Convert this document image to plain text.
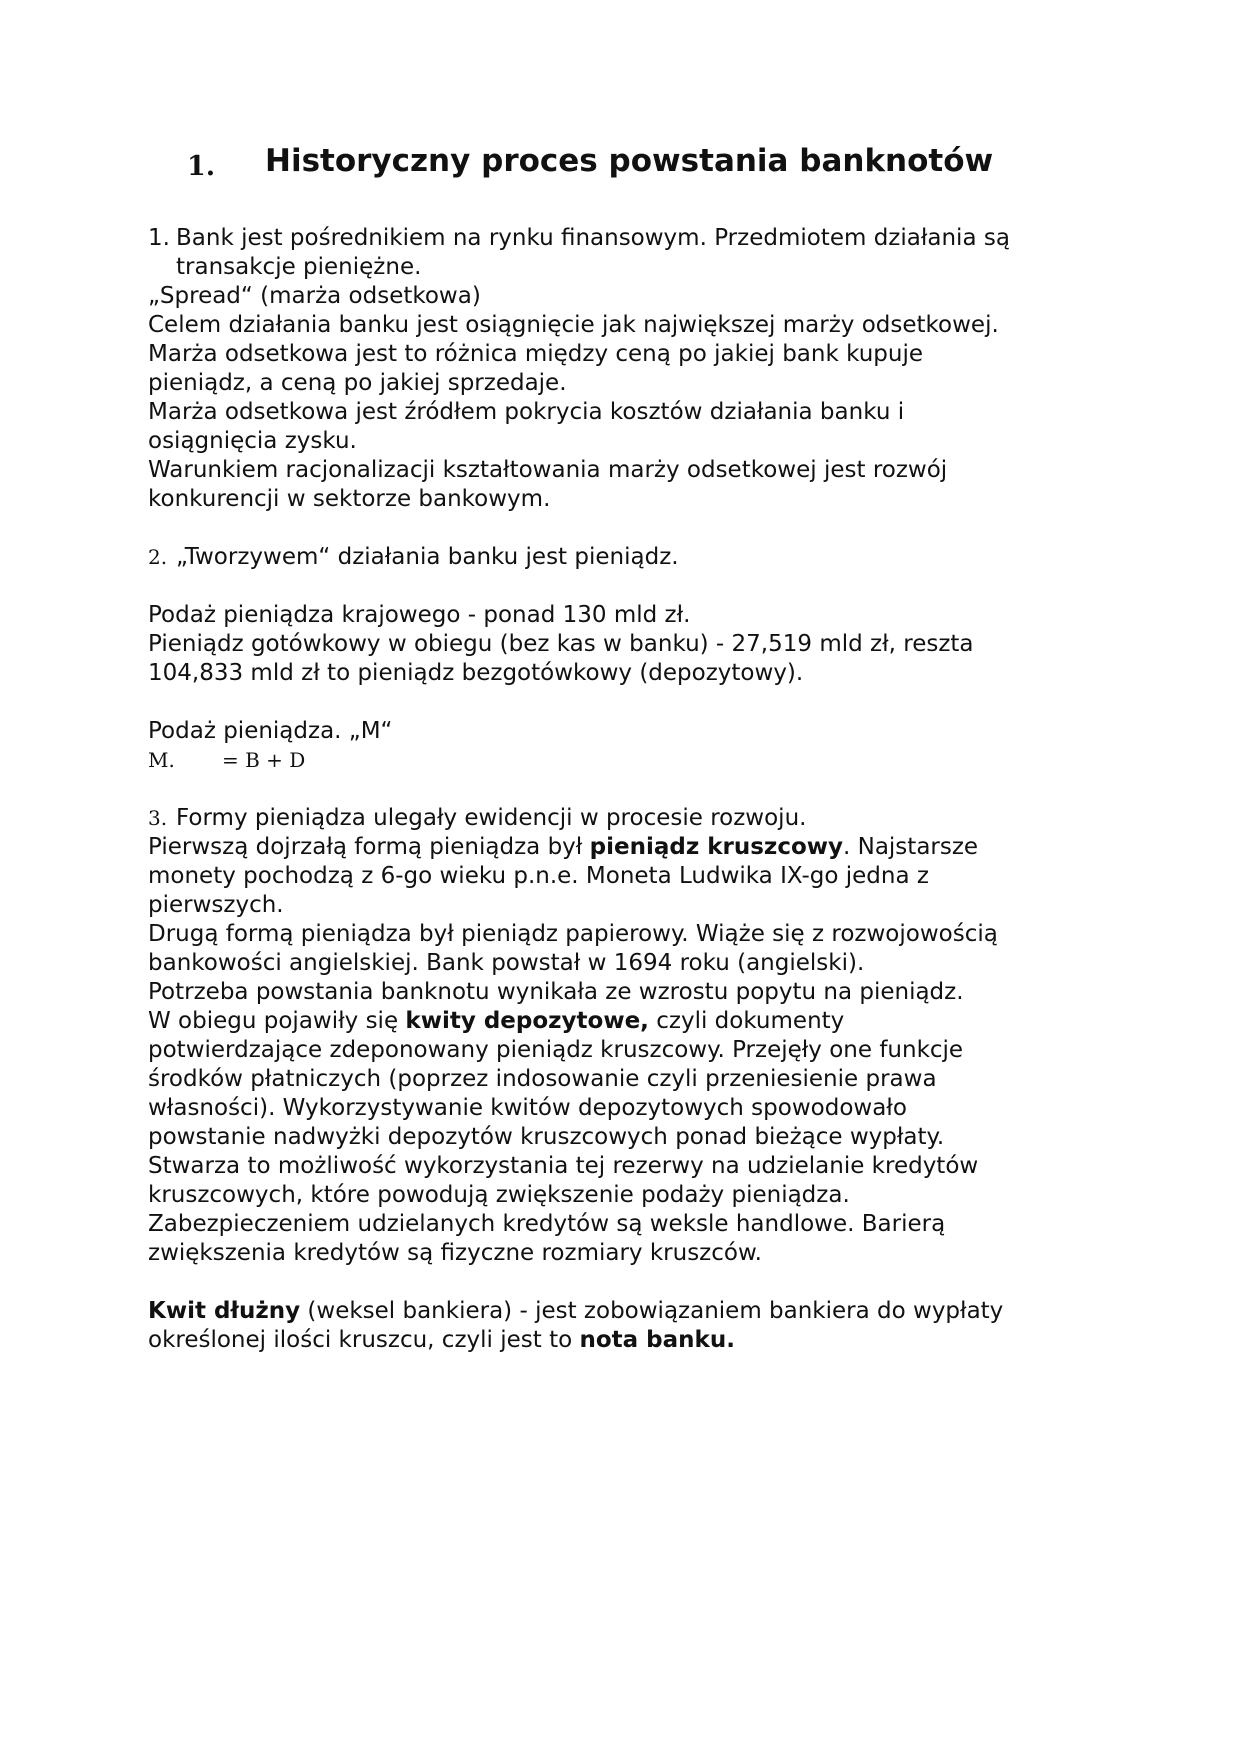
1. Historyczny proces powstania banknotów
1. Bank jest pośrednikiem na rynku finansowym. Przedmiotem działania są
transakcje pieniężne.
„Spread“ (marża odsetkowa)
Celem działania banku jest osiągnięcie jak największej marży odsetkowej.
Marża odsetkowa jest to różnica między ceną po jakiej bank kupuje
pieniądz, a ceną po jakiej sprzedaje.
Marża odsetkowa jest źródłem pokrycia kosztów działania banku i
osiągnięcia zysku.
Warunkiem racjonalizacji kształtowania marży odsetkowej jest rozwój
konkurencji w sektorze bankowym.
2. „Tworzywem“ działania banku jest pieniądz.
Podaż pieniądza krajowego - ponad 130 mld zł.
Pieniądz gotówkowy w obiegu (bez kas w banku) - 27,519 mld zł, reszta
104,833 mld zł to pieniądz bezgotówkowy (depozytowy).
Podaż pieniądza. „M“
M. = B + D
3. Formy pieniądza ulegały ewidencji w procesie rozwoju.
Pierwszą dojrzałą formą pieniądza był pieniądz kruszcowy. Najstarsze
monety pochodzą z 6-go wieku p.n.e. Moneta Ludwika IX-go jedna z
pierwszych.
Drugą formą pieniądza był pieniądz papierowy. Wiąże się z rozwojowością
bankowości angielskiej. Bank powstał w 1694 roku (angielski).
Potrzeba powstania banknotu wynikała ze wzrostu popytu na pieniądz.
W obiegu pojawiły się kwity depozytowe, czyli dokumenty
potwierdzające zdeponowany pieniądz kruszcowy. Przejęły one funkcje
środków płatniczych (poprzez indosowanie czyli przeniesienie prawa
własności). Wykorzystywanie kwitów depozytowych spowodowało
powstanie nadwyżki depozytów kruszcowych ponad bieżące wypłaty.
Stwarza to możliwość wykorzystania tej rezerwy na udzielanie kredytów
kruszcowych, które powodują zwiększenie podaży pieniądza.
Zabezpieczeniem udzielanych kredytów są weksle handlowe. Barierą
zwiększenia kredytów są fizyczne rozmiary kruszców.
Kwit dłużny (weksel bankiera) - jest zobowiązaniem bankiera do wypłaty
określonej ilości kruszcu, czyli jest to nota banku.
